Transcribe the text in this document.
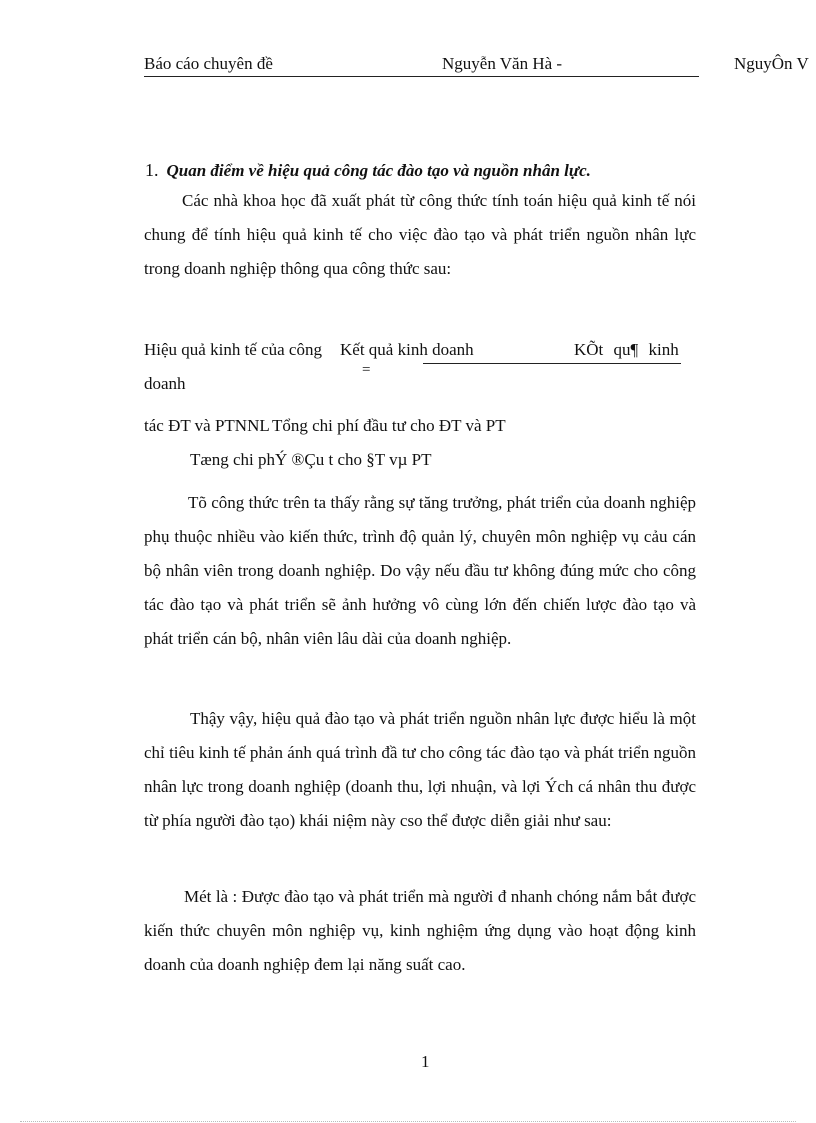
Báo cáo chuyên đề	Nguyễn Văn Hà -	NguyÔn V
1. Quan điểm về hiệu quả công tác đào tạo và nguồn nhân lực.
Các nhà khoa học đã xuất phát từ công thức tính toán hiệu quả kinh tế nói chung để tính hiệu quả kinh tế cho việc đào tạo và phát triển nguồn nhân lực trong doanh nghiệp thông qua công thức sau:
Hiệu quả kinh tế của công Kết quả kinh doanh	KÕt qu¶ kinh
=
doanh
tác ĐT và PTNNL Tổng chi phí đầu tư cho ĐT và PT
Tæng chi phÝ ®Çu t cho §T vµ PT
Tõ công thức trên ta thấy rằng sự tăng trưởng, phát triển của doanh nghiệp phụ thuộc nhiều vào kiến thức, trình độ quản lý, chuyên môn nghiệp vụ cảu cán bộ nhân viên trong doanh nghiệp. Do vậy nếu đầu tư không đúng mức cho công tác đào tạo và phát triển sẽ ảnh hưởng vô cùng lớn đến chiến lược đào tạo và phát triển cán bộ, nhân viên lâu dài của doanh nghiệp.
Thậy vậy, hiệu quả đào tạo và phát triển nguồn nhân lực được hiểu là một chỉ tiêu kinh tế phản ánh quá trình đầ tư cho công tác đào tạo và phát triển nguồn nhân lực trong doanh nghiệp (doanh thu, lợi nhuận, và lợi Ých cá nhân thu được từ phía người đào tạo) khái niệm này cso thể được diễn giải như sau:
Mét là : Được đào tạo và phát triển mà người đ nhanh chóng nắm bắt được kiến thức chuyên môn nghiệp vụ, kinh nghiệm ứng dụng vào hoạt động kinh doanh của doanh nghiệp đem lại năng suất cao.
1
